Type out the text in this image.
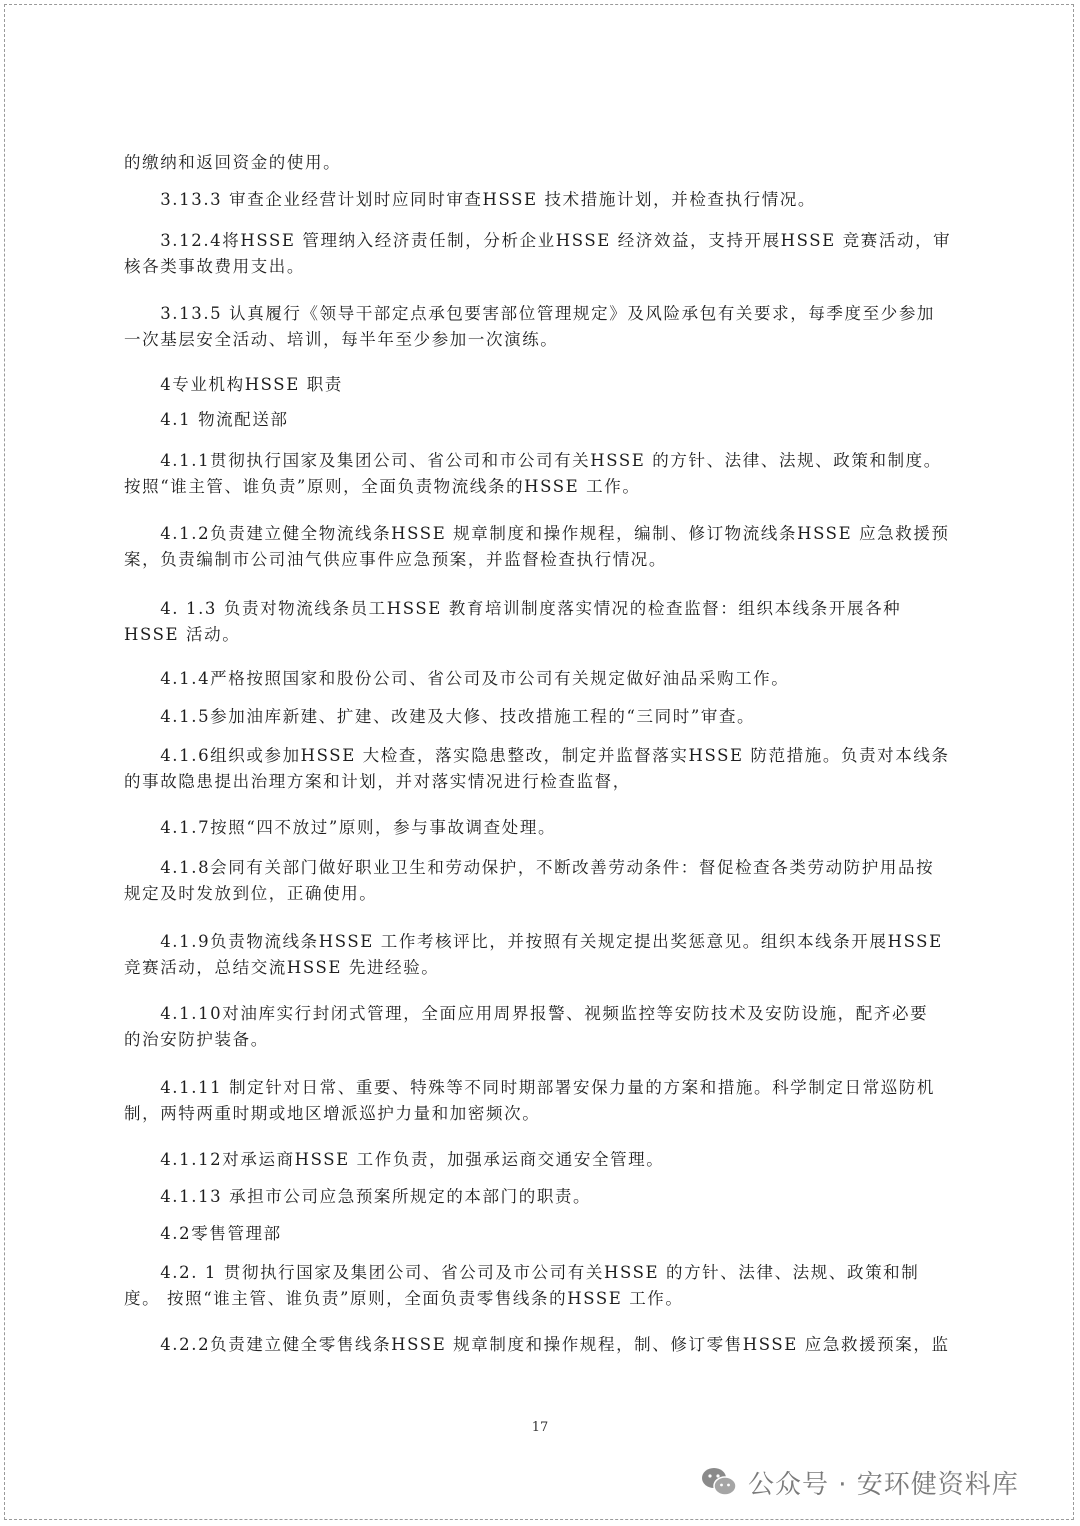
的缴纳和返回资金的使用。
　　3.13.3 审查企业经营计划时应同时审查HSSE 技术措施计划，并检查执行情况。
　　3.12.4将HSSE 管理纳入经济责任制，分析企业HSSE 经济效益，支持开展HSSE 竞赛活动，审
核各类事故费用支出。
　　3.13.5 认真履行《领导干部定点承包要害部位管理规定》及风险承包有关要求，每季度至少参加
一次基层安全活动、培训，每半年至少参加一次演练。
　　4专业机构HSSE 职责
　　4.1 物流配送部
　　4.1.1贯彻执行国家及集团公司、省公司和市公司有关HSSE 的方针、法律、法规、政策和制度。
按照“谁主管、谁负责”原则，全面负责物流线条的HSSE 工作。
　　4.1.2负责建立健全物流线条HSSE 规章制度和操作规程，编制、修订物流线条HSSE 应急救援预
案，负责编制市公司油气供应事件应急预案，并监督检查执行情况。
　　4. 1.3 负责对物流线条员工HSSE 教育培训制度落实情况的检查监督：组织本线条开展各种
HSSE 活动。
　　4.1.4严格按照国家和股份公司、省公司及市公司有关规定做好油品采购工作。
　　4.1.5参加油库新建、扩建、改建及大修、技改措施工程的“三同时”审查。
　　4.1.6组织或参加HSSE 大检查，落实隐患整改，制定并监督落实HSSE 防范措施。负责对本线条
的事故隐患提出治理方案和计划，并对落实情况进行检查监督，
　　4.1.7按照“四不放过”原则，参与事故调查处理。
　　4.1.8会同有关部门做好职业卫生和劳动保护，不断改善劳动条件：督促检查各类劳动防护用品按
规定及时发放到位，正确使用。
　　4.1.9负责物流线条HSSE 工作考核评比，并按照有关规定提出奖惩意见。组织本线条开展HSSE
竞赛活动，总结交流HSSE 先进经验。
　　4.1.10对油库实行封闭式管理，全面应用周界报警、视频监控等安防技术及安防设施，配齐必要
的治安防护装备。
　　4.1.11 制定针对日常、重要、特殊等不同时期部署安保力量的方案和措施。科学制定日常巡防机
制，两特两重时期或地区增派巡护力量和加密频次。
　　4.1.12对承运商HSSE 工作负责，加强承运商交通安全管理。
　　4.1.13 承担市公司应急预案所规定的本部门的职责。
　　4.2零售管理部
　　4.2. 1 贯彻执行国家及集团公司、省公司及市公司有关HSSE 的方针、法律、法规、政策和制
度。 按照“谁主管、谁负责”原则，全面负责零售线条的HSSE 工作。
　　4.2.2负责建立健全零售线条HSSE 规章制度和操作规程，制、修订零售HSSE 应急救援预案，监
17
公众号 · 安环健资料库
